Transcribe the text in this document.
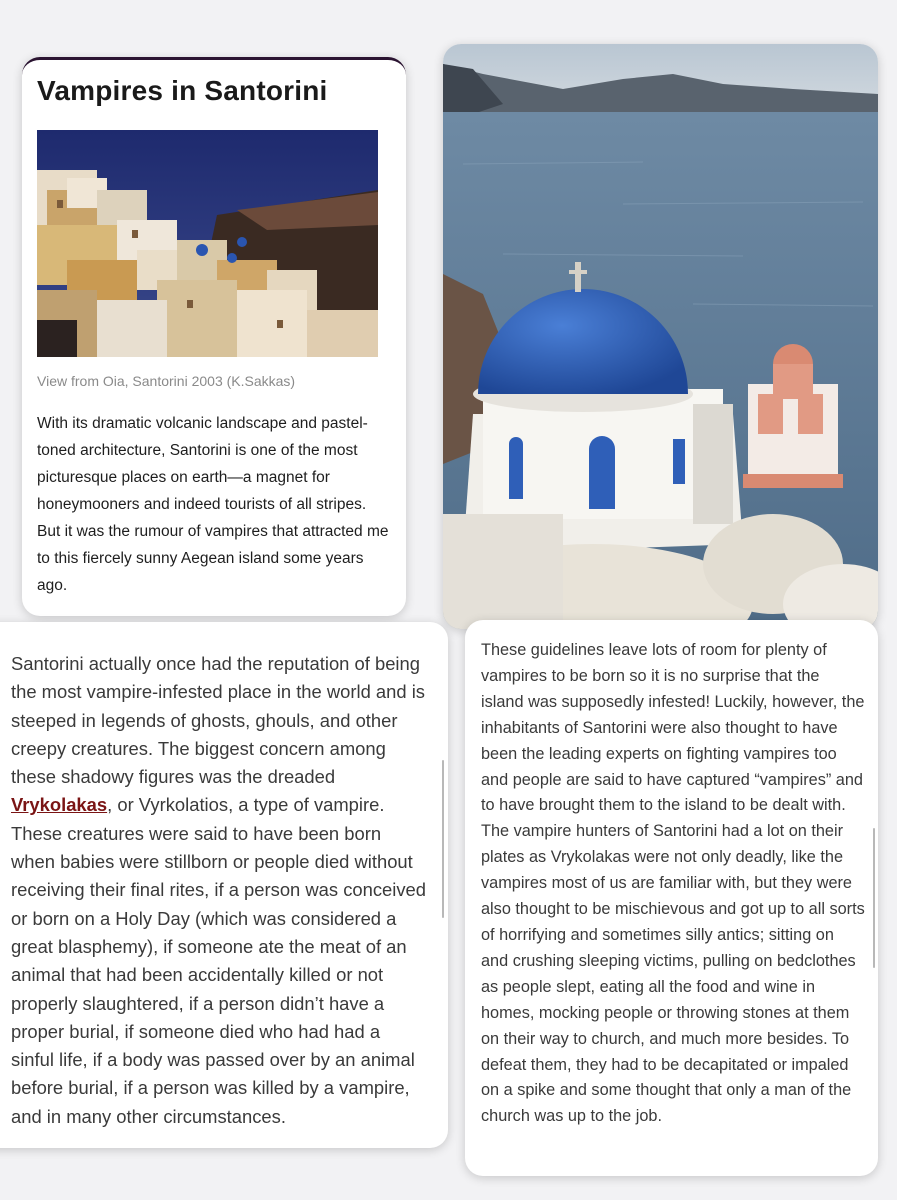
Vampires in Santorini
View from Oia, Santorini 2003 (K.Sakkas)
With its dramatic volcanic landscape and pastel-toned architecture, Santorini is one of the most picturesque places on earth—a magnet for honeymooners and indeed tourists of all stripes. But it was the rumour of vampires that attracted me to this fiercely sunny Aegean island some years ago.
Santorini actually once had the reputation of being the most vampire-infested place in the world and is steeped in legends of ghosts, ghouls, and other creepy creatures. The biggest concern among these shadowy figures was the dreaded Vrykolakas, or Vyrkolatios, a type of vampire. These creatures were said to have been born when babies were stillborn or people died without receiving their final rites, if a person was conceived or born on a Holy Day (which was considered a great blasphemy), if someone ate the meat of an animal that had been accidentally killed or not properly slaughtered, if a person didn’t have a proper burial, if someone died who had had a sinful life, if a body was passed over by an animal before burial, if a person was killed by a vampire, and in many other circumstances.
These guidelines leave lots of room for plenty of vampires to be born so it is no surprise that the island was supposedly infested! Luckily, however, the inhabitants of Santorini were also thought to have been the leading experts on fighting vampires too and people are said to have captured “vampires” and to have brought them to the island to be dealt with. The vampire hunters of Santorini had a lot on their plates as Vrykolakas were not only deadly, like the vampires most of us are familiar with, but they were also thought to be mischievous and got up to all sorts of horrifying and sometimes silly antics; sitting on and crushing sleeping victims, pulling on bedclothes as people slept, eating all the food and wine in homes, mocking people or throwing stones at them on their way to church, and much more besides. To defeat them, they had to be decapitated or impaled on a spike and some thought that only a man of the church was up to the job.
